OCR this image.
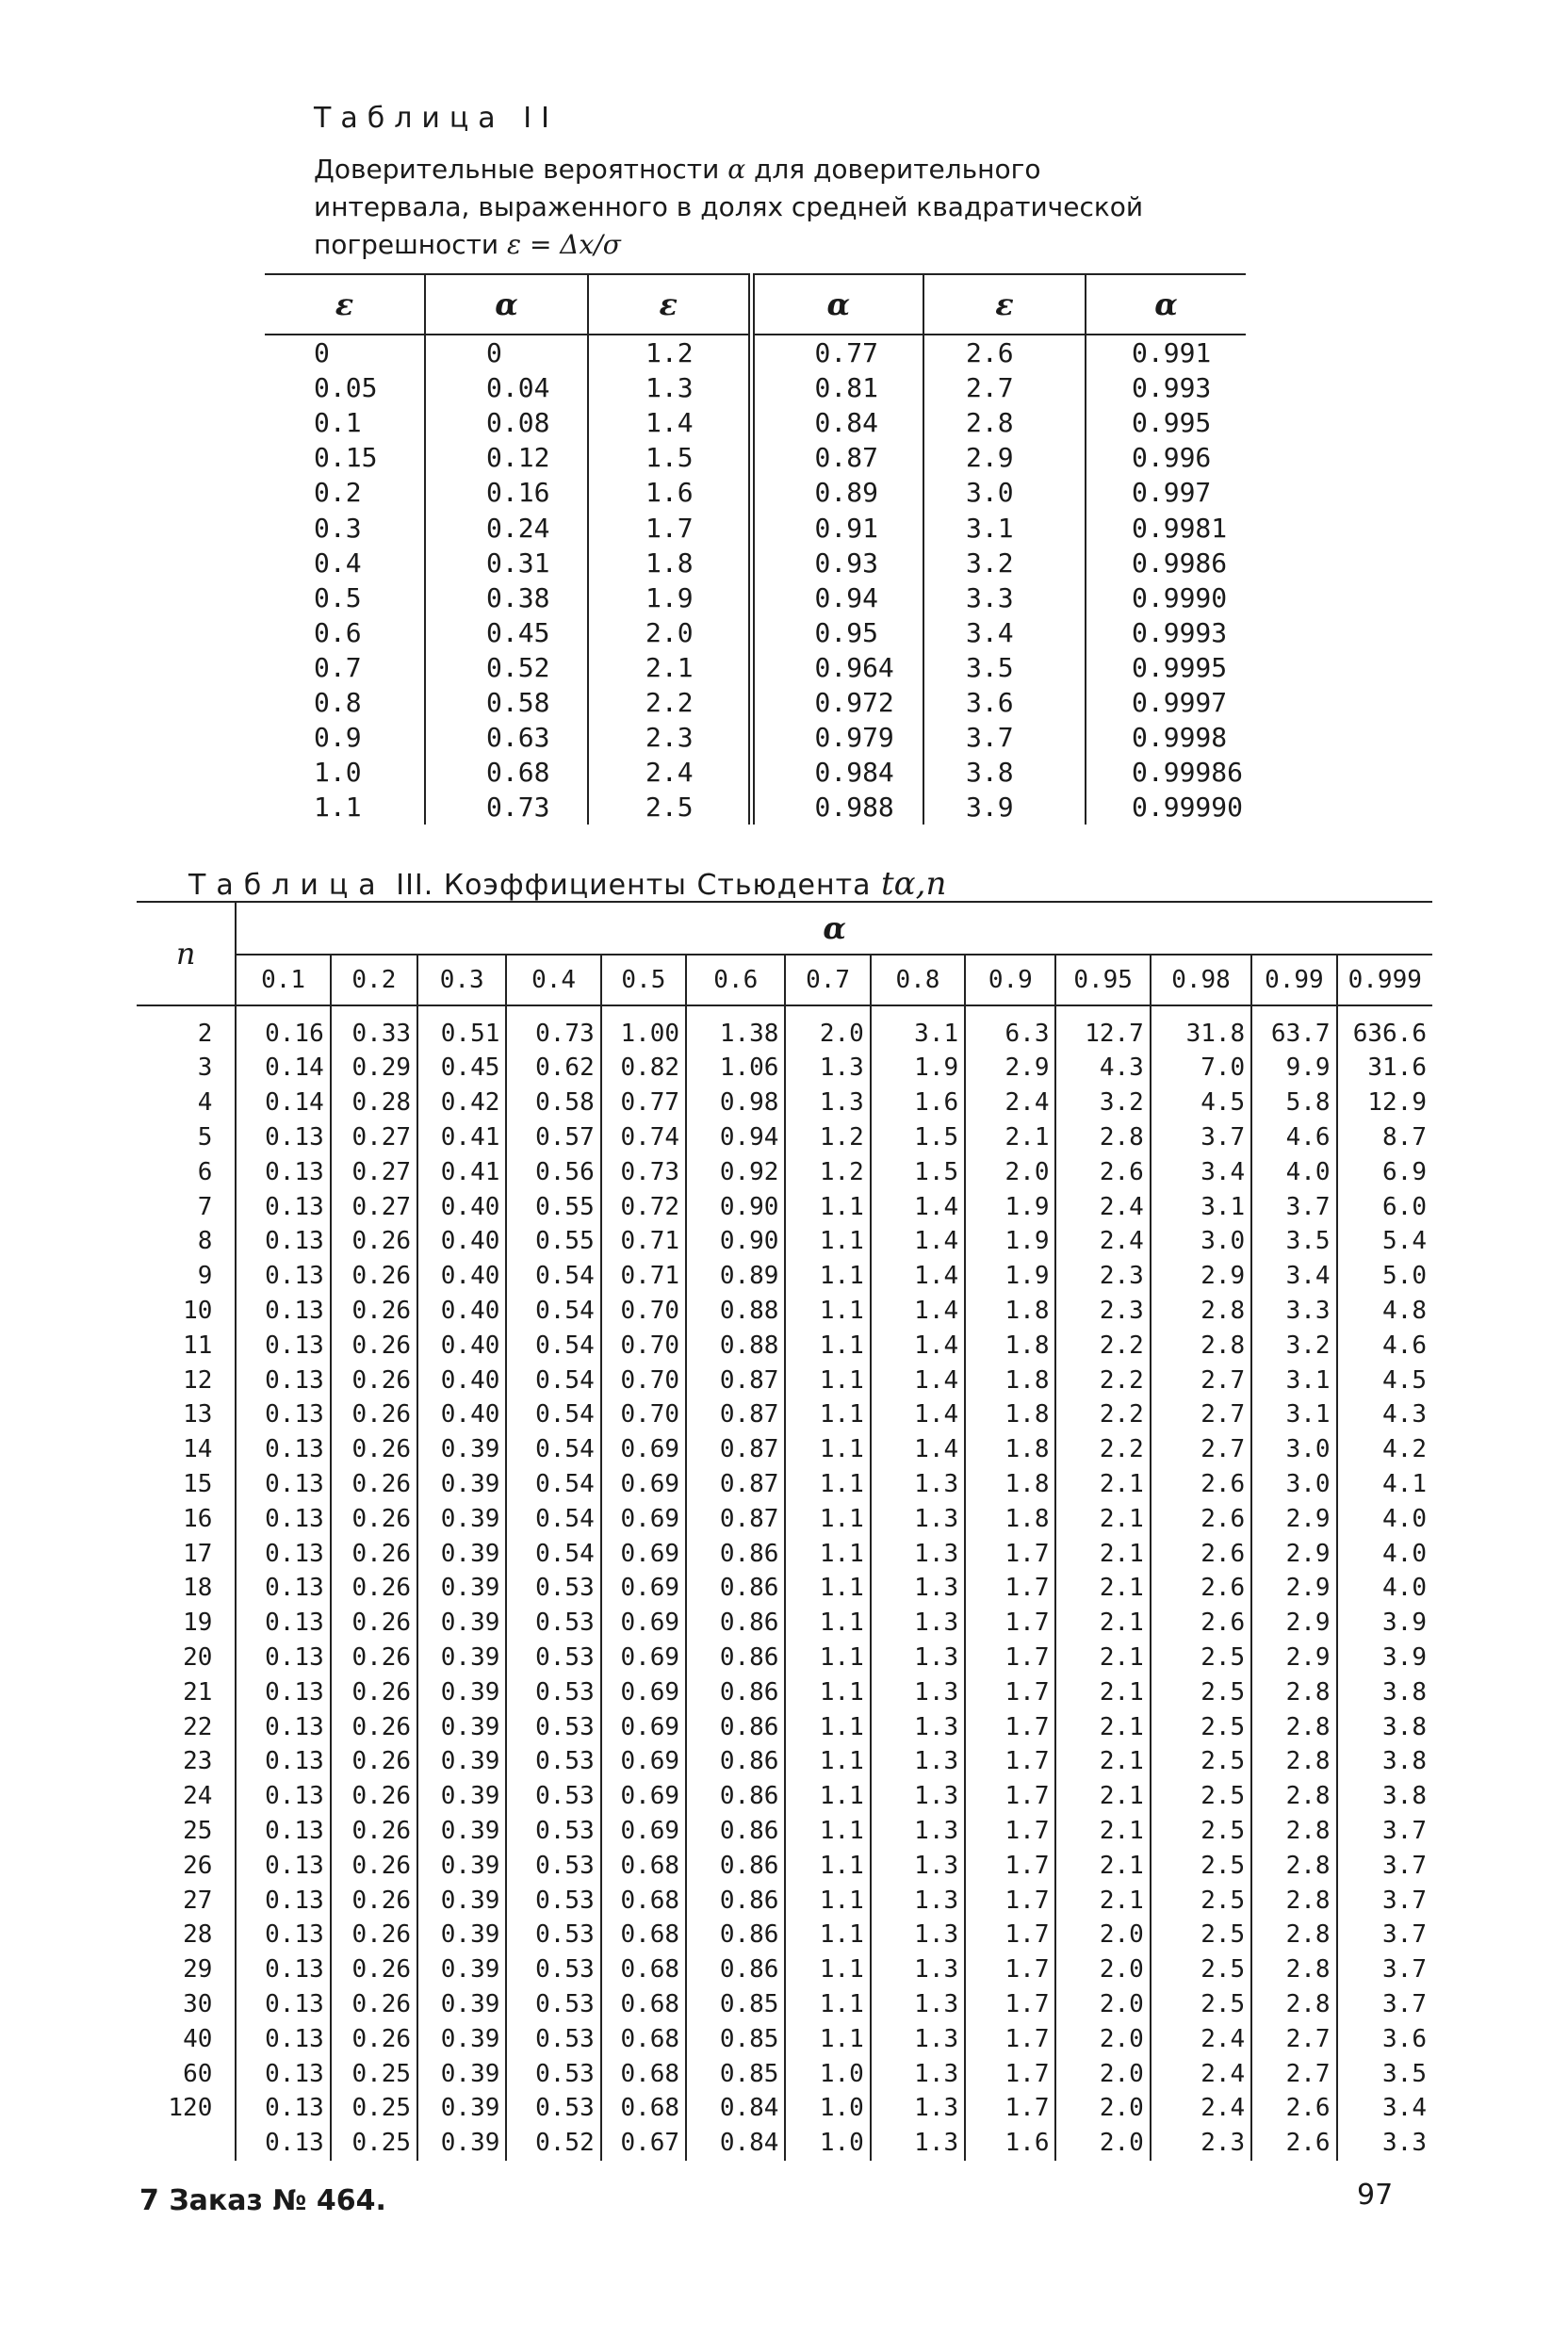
Таблица II
Доверительные вероятности α для доверительного
интервала, выраженного в долях средней квадратической
погрешности ε = Δx/σ
ε	α	ε	α	ε	α
0	0	1.2	0.77	2.6	0.991
0.05	0.04	1.3	0.81	2.7	0.993
0.1	0.08	1.4	0.84	2.8	0.995
0.15	0.12	1.5	0.87	2.9	0.996
0.2	0.16	1.6	0.89	3.0	0.997
0.3	0.24	1.7	0.91	3.1	0.9981
0.4	0.31	1.8	0.93	3.2	0.9986
0.5	0.38	1.9	0.94	3.3	0.9990
0.6	0.45	2.0	0.95	3.4	0.9993
0.7	0.52	2.1	0.964	3.5	0.9995
0.8	0.58	2.2	0.972	3.6	0.9997
0.9	0.63	2.3	0.979	3.7	0.9998
1.0	0.68	2.4	0.984	3.8	0.99986
1.1	0.73	2.5	0.988	3.9	0.99990
Таблица III. Коэффициенты Стьюдента tα,n
n	α												
	0.1	0.2	0.3	0.4	0.5	0.6	0.7	0.8	0.9	0.95	0.98	0.99	0.999
2	0.16	0.33	0.51	0.73	1.00	1.38	2.0	3.1	6.3	12.7	31.8	63.7	636.6
3	0.14	0.29	0.45	0.62	0.82	1.06	1.3	1.9	2.9	4.3	7.0	9.9	31.6
4	0.14	0.28	0.42	0.58	0.77	0.98	1.3	1.6	2.4	3.2	4.5	5.8	12.9
5	0.13	0.27	0.41	0.57	0.74	0.94	1.2	1.5	2.1	2.8	3.7	4.6	8.7
6	0.13	0.27	0.41	0.56	0.73	0.92	1.2	1.5	2.0	2.6	3.4	4.0	6.9
7	0.13	0.27	0.40	0.55	0.72	0.90	1.1	1.4	1.9	2.4	3.1	3.7	6.0
8	0.13	0.26	0.40	0.55	0.71	0.90	1.1	1.4	1.9	2.4	3.0	3.5	5.4
9	0.13	0.26	0.40	0.54	0.71	0.89	1.1	1.4	1.9	2.3	2.9	3.4	5.0
10	0.13	0.26	0.40	0.54	0.70	0.88	1.1	1.4	1.8	2.3	2.8	3.3	4.8
11	0.13	0.26	0.40	0.54	0.70	0.88	1.1	1.4	1.8	2.2	2.8	3.2	4.6
12	0.13	0.26	0.40	0.54	0.70	0.87	1.1	1.4	1.8	2.2	2.7	3.1	4.5
13	0.13	0.26	0.40	0.54	0.70	0.87	1.1	1.4	1.8	2.2	2.7	3.1	4.3
14	0.13	0.26	0.39	0.54	0.69	0.87	1.1	1.4	1.8	2.2	2.7	3.0	4.2
15	0.13	0.26	0.39	0.54	0.69	0.87	1.1	1.3	1.8	2.1	2.6	3.0	4.1
16	0.13	0.26	0.39	0.54	0.69	0.87	1.1	1.3	1.8	2.1	2.6	2.9	4.0
17	0.13	0.26	0.39	0.54	0.69	0.86	1.1	1.3	1.7	2.1	2.6	2.9	4.0
18	0.13	0.26	0.39	0.53	0.69	0.86	1.1	1.3	1.7	2.1	2.6	2.9	4.0
19	0.13	0.26	0.39	0.53	0.69	0.86	1.1	1.3	1.7	2.1	2.6	2.9	3.9
20	0.13	0.26	0.39	0.53	0.69	0.86	1.1	1.3	1.7	2.1	2.5	2.9	3.9
21	0.13	0.26	0.39	0.53	0.69	0.86	1.1	1.3	1.7	2.1	2.5	2.8	3.8
22	0.13	0.26	0.39	0.53	0.69	0.86	1.1	1.3	1.7	2.1	2.5	2.8	3.8
23	0.13	0.26	0.39	0.53	0.69	0.86	1.1	1.3	1.7	2.1	2.5	2.8	3.8
24	0.13	0.26	0.39	0.53	0.69	0.86	1.1	1.3	1.7	2.1	2.5	2.8	3.8
25	0.13	0.26	0.39	0.53	0.69	0.86	1.1	1.3	1.7	2.1	2.5	2.8	3.7
26	0.13	0.26	0.39	0.53	0.68	0.86	1.1	1.3	1.7	2.1	2.5	2.8	3.7
27	0.13	0.26	0.39	0.53	0.68	0.86	1.1	1.3	1.7	2.1	2.5	2.8	3.7
28	0.13	0.26	0.39	0.53	0.68	0.86	1.1	1.3	1.7	2.0	2.5	2.8	3.7
29	0.13	0.26	0.39	0.53	0.68	0.86	1.1	1.3	1.7	2.0	2.5	2.8	3.7
30	0.13	0.26	0.39	0.53	0.68	0.85	1.1	1.3	1.7	2.0	2.5	2.8	3.7
40	0.13	0.26	0.39	0.53	0.68	0.85	1.1	1.3	1.7	2.0	2.4	2.7	3.6
60	0.13	0.25	0.39	0.53	0.68	0.85	1.0	1.3	1.7	2.0	2.4	2.7	3.5
120	0.13	0.25	0.39	0.53	0.68	0.84	1.0	1.3	1.7	2.0	2.4	2.6	3.4
	0.13	0.25	0.39	0.52	0.67	0.84	1.0	1.3	1.6	2.0	2.3	2.6	3.3
7 Заказ № 464.	97
